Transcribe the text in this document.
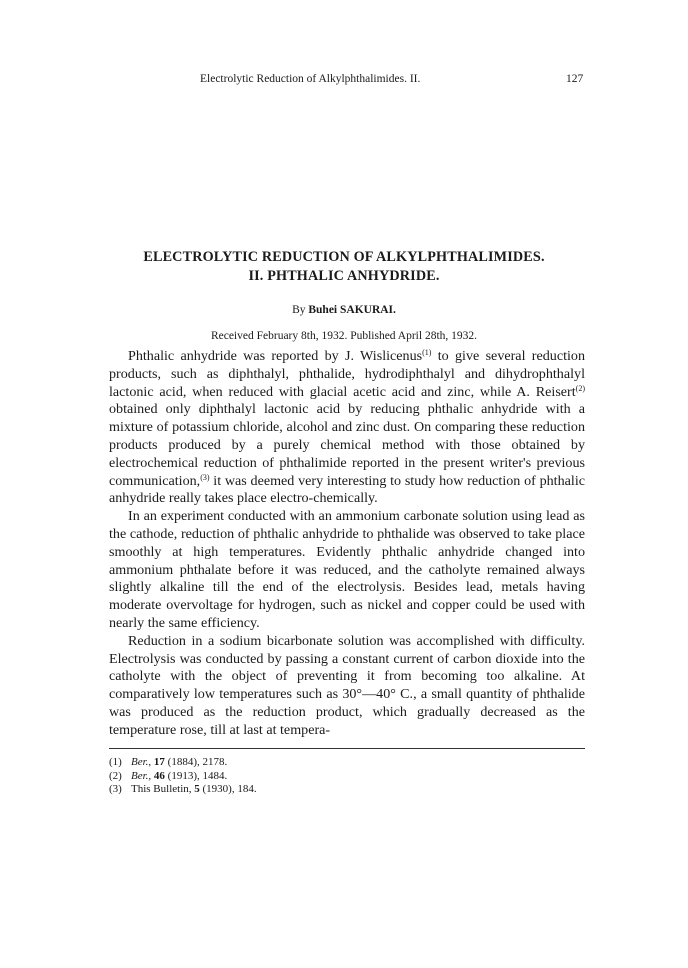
Electrolytic Reduction of Alkylphthalimides. II.	127
ELECTROLYTIC REDUCTION OF ALKYLPHTHALIMIDES.
II. PHTHALIC ANHYDRIDE.
By Buhei SAKURAI.
Received February 8th, 1932. Published April 28th, 1932.

Phthalic anhydride was reported by J. Wislicenus$^{(1)}$ to give several reduction products, such as diphthalyl, phthalide, hydrodiphthalyl and dihydrophthalyl lactonic acid, when reduced with glacial acetic acid and zinc, while A. Reisert$^{(2)}$ obtained only diphthalyl lactonic acid by reducing phthalic anhydride with a mixture of potassium chloride, alcohol and zinc dust. On comparing these reduction products produced by a purely chemical method with those obtained by electrochemical reduction of phthalimide reported in the present writer's previous communication,$^{(3)}$ it was deemed very interesting to study how reduction of phthalic anhydride really takes place electro-chemically.

In an experiment conducted with an ammonium carbonate solution using lead as the cathode, reduction of phthalic anhydride to phthalide was observed to take place smoothly at high temperatures. Evidently phthalic anhydride changed into ammonium phthalate before it was reduced, and the catholyte remained always slightly alkaline till the end of the electrolysis. Besides lead, metals having moderate overvoltage for hydrogen, such as nickel and copper could be used with nearly the same efficiency.

Reduction in a sodium bicarbonate solution was accomplished with difficulty. Electrolysis was conducted by passing a constant current of carbon dioxide into the catholyte with the object of preventing it from becoming too alkaline. At comparatively low temperatures such as 30°—40° C., a small quantity of phthalide was produced as the reduction product, which gradually decreased as the temperature rose, till at last at tempera-

(1) Ber., 17 (1884), 2178.
(2) Ber., 46 (1913), 1484.
(3) This Bulletin, 5 (1930), 184.
